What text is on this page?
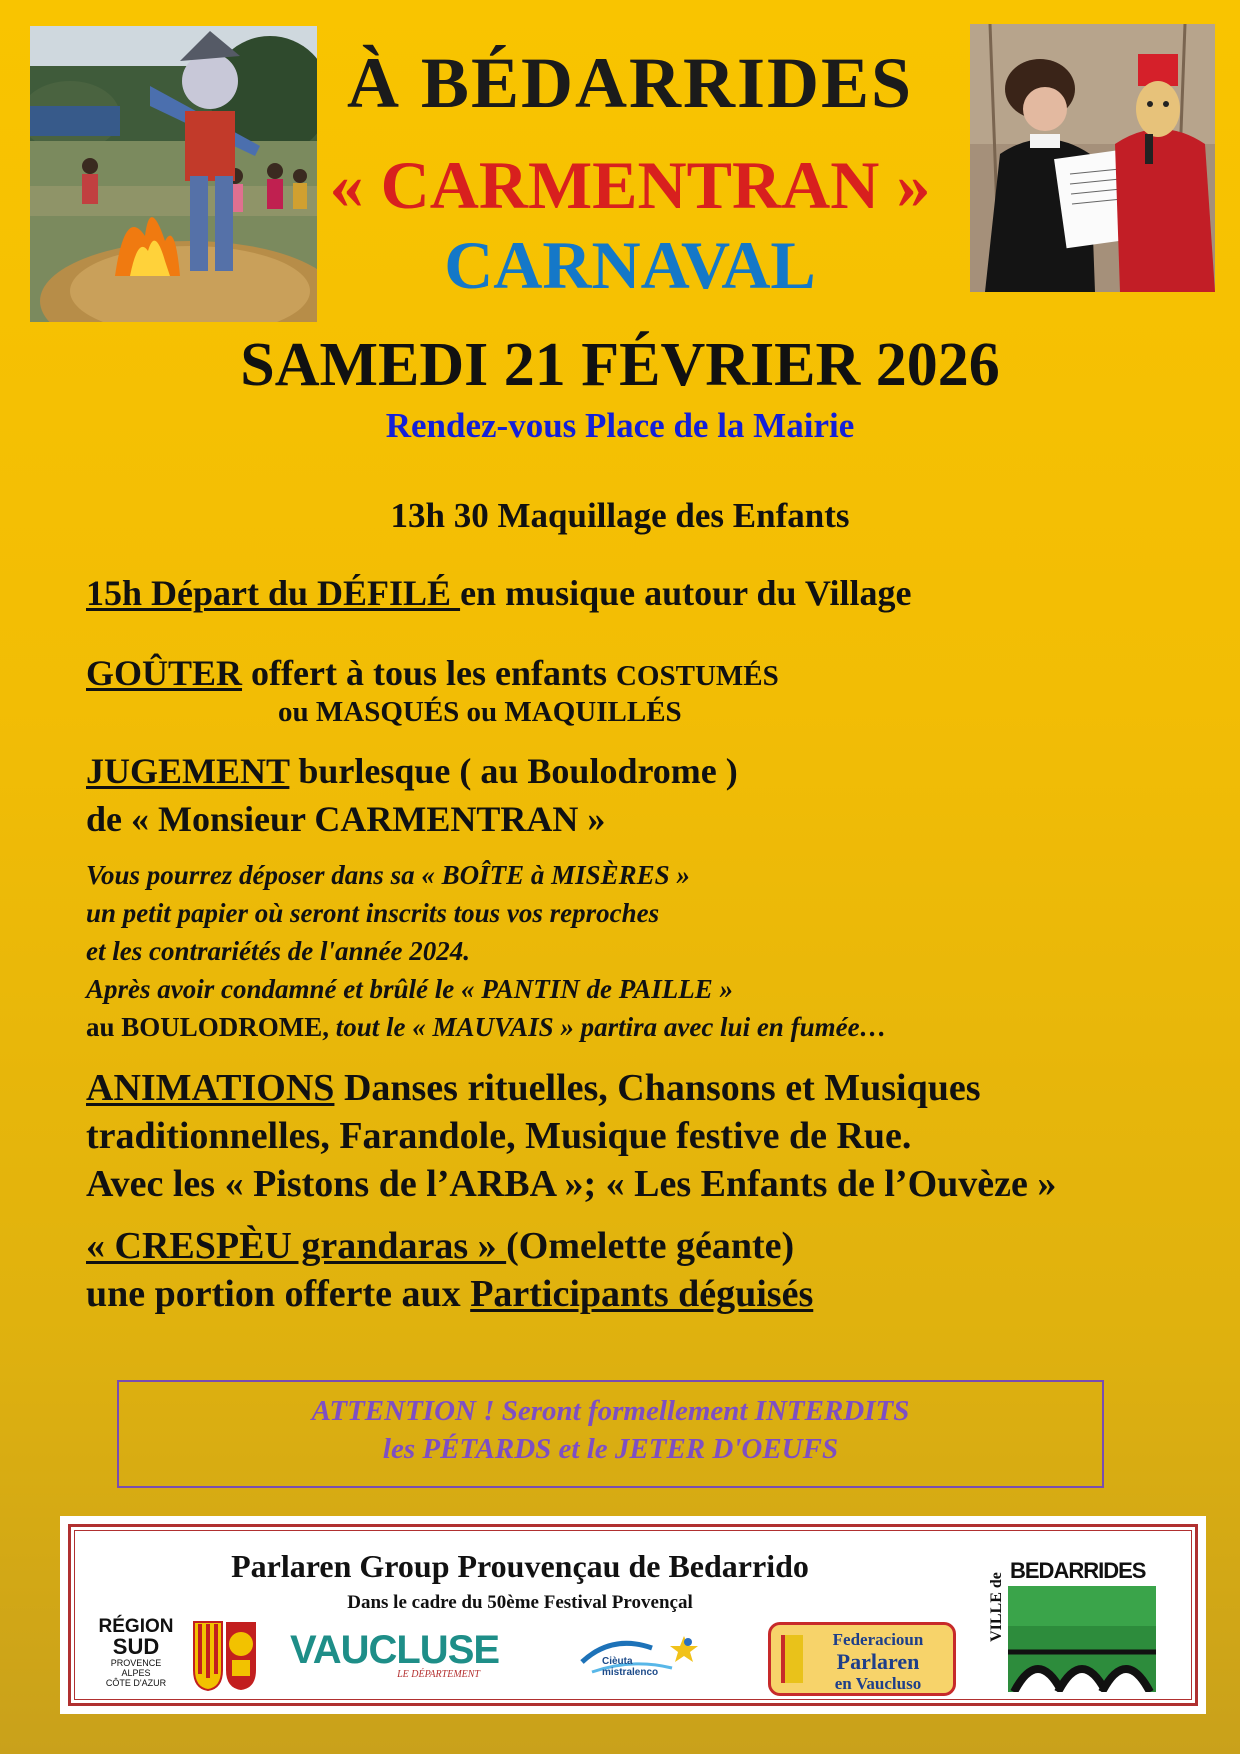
À BÉDARRIDES
« CARMENTRAN »
CARNAVAL
SAMEDI 21 FÉVRIER 2026
Rendez-vous Place de la Mairie
13h 30 Maquillage des Enfants
15h Départ du DÉFILÉ en musique autour du Village
GOÛTER offert à tous les enfants COSTUMÉS
ou MASQUÉS ou MAQUILLÉS
JUGEMENT burlesque ( au Boulodrome )
de « Monsieur CARMENTRAN »
Vous pourrez déposer dans sa « BOÎTE à MISÈRES »
un petit papier où seront inscrits tous vos reproches
et les contrariétés de l'année 2024.
Après avoir condamné et brûlé le « PANTIN de PAILLE »
au BOULODROME, tout le « MAUVAIS » partira avec lui en fumée…
ANIMATIONS Danses rituelles, Chansons et Musiques
traditionnelles, Farandole, Musique festive de Rue.
Avec les « Pistons de l’ARBA »; « Les Enfants de l’Ouvèze »
« CRESPÈU grandaras » (Omelette géante)
une portion offerte aux Participants déguisés
ATTENTION ! Seront formellement INTERDITS
les PÉTARDS et le JETER D'OEUFS
Parlaren Group Prouvençau de Bedarrido
Dans le cadre du 50ème Festival Provençal
RÉGION
SUD
PROVENCE
ALPES
CÔTE D'AZUR
VAUCLUSE
LE DÉPARTEMENT
Cièuta
mistralenco
Federacioun
Parlaren
en Vaucluso
VILLE de
BEDARRIDES
